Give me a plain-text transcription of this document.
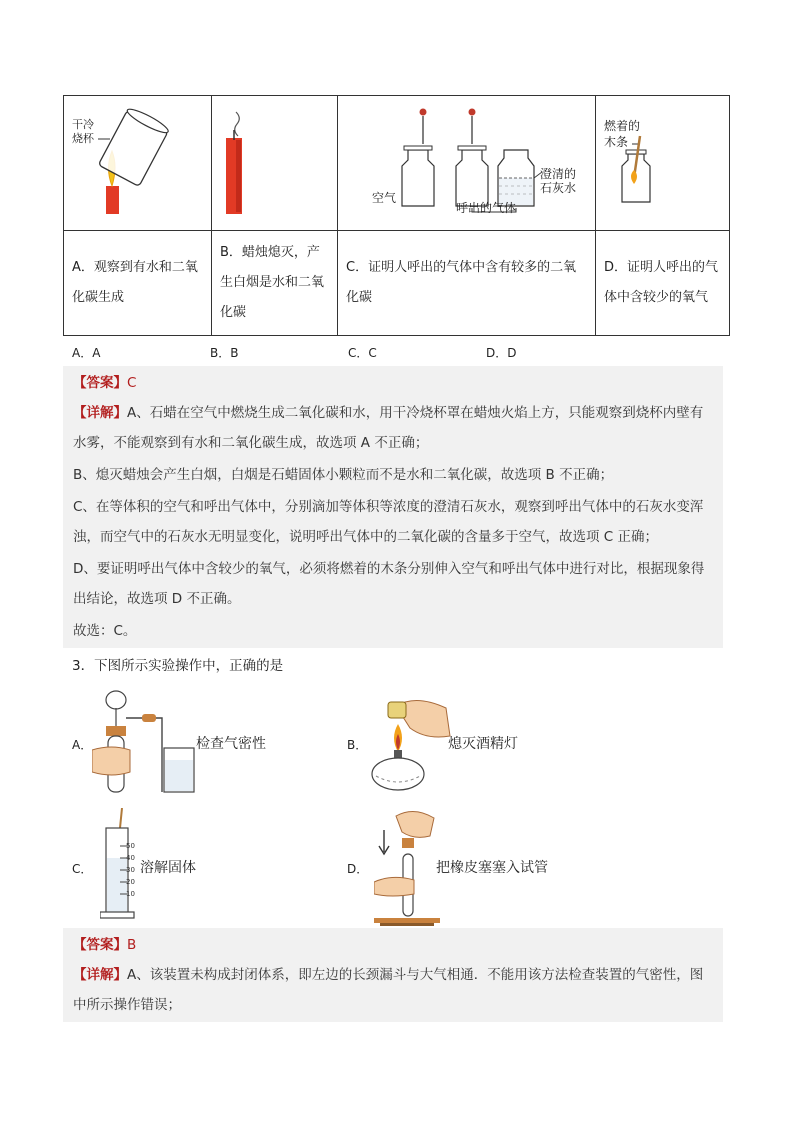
干冷
烧杯		空气
呼出的气体
澄清的
石灰水	燃着的
木条

A．观察到有水和二氧化碳生成	B．蜡烛熄灭，产生白烟是水和二氧化碳	C．证明人呼出的气体中含有较多的二氧化碳	D．证明人呼出的气体中含较少的氧气
A．A	B．B	C．C	D．D
【答案】C
【详解】A、石蜡在空气中燃烧生成二氧化碳和水，用干冷烧杯罩在蜡烛火焰上方，只能观察到烧杯内壁有
水雾，不能观察到有水和二氧化碳生成，故选项 A 不正确；
B、熄灭蜡烛会产生白烟，白烟是石蜡固体小颗粒而不是水和二氧化碳，故选项 B 不正确；
C、在等体积的空气和呼出气体中，分别滴加等体积等浓度的澄清石灰水，观察到呼出气体中的石灰水变浑
浊，而空气中的石灰水无明显变化，说明呼出气体中的二氧化碳的含量多于空气，故选项 C 正确；
D、要证明呼出气体中含较少的氧气，必须将燃着的木条分别伸入空气和呼出气体中进行对比，根据现象得
出结论，故选项 D 不正确。
故选：C。
3．下图所示实验操作中，正确的是
A．	检查气密性	B．	熄灭酒精灯
C．
50
40
30
20
10
溶解固体	D．	把橡皮塞塞入试管
【答案】B
【详解】A、该装置未构成封闭体系，即左边的长颈漏斗与大气相通．不能用该方法检查装置的气密性，图
中所示操作错误；
